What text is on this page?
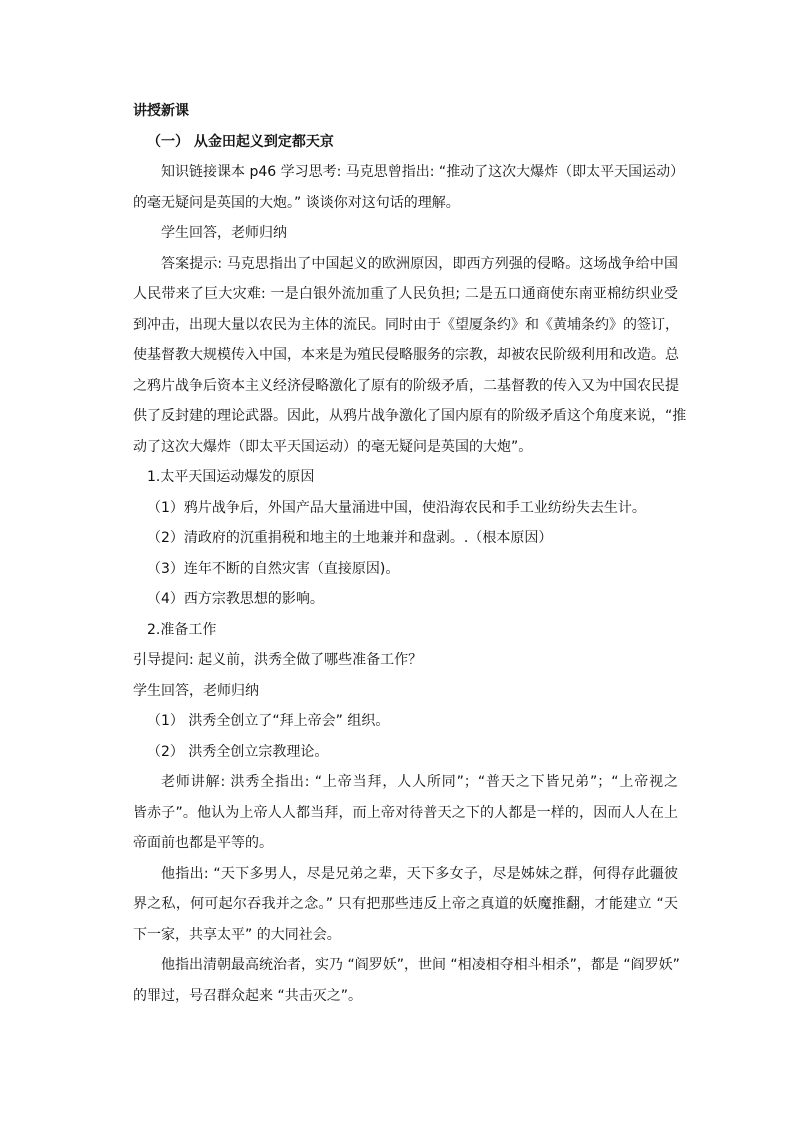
讲授新课
（一） 从金田起义到定都天京
知识链接课本 p46 学习思考: 马克思曾指出: “推动了这次大爆炸（即太平天国运动）
的毫无疑问是英国的大炮。” 谈谈你对这句话的理解。
学生回答，老师归纳
答案提示: 马克思指出了中国起义的欧洲原因，即西方列强的侵略。这场战争给中国
人民带来了巨大灾难: 一是白银外流加重了人民负担; 二是五口通商使东南亚棉纺织业受
到冲击，出现大量以农民为主体的流民。同时由于《望厦条约》和《黄埔条约》的签订，
使基督教大规模传入中国，本来是为殖民侵略服务的宗教，却被农民阶级利用和改造。总
之鸦片战争后资本主义经济侵略激化了原有的阶级矛盾，二基督教的传入又为中国农民提
供了反封建的理论武器。因此，从鸦片战争激化了国内原有的阶级矛盾这个角度来说，“推
动了这次大爆炸（即太平天国运动）的毫无疑问是英国的大炮”。
1.太平天国运动爆发的原因
（1）鸦片战争后，外国产品大量涌进中国，使沿海农民和手工业纺纷失去生计。
（2）清政府的沉重捐税和地主的土地兼并和盘剥。.（根本原因）
（3）连年不断的自然灾害（直接原因)。
（4）西方宗教思想的影响。
2.准备工作
引导提问: 起义前，洪秀全做了哪些准备工作？
学生回答，老师归纳
（1） 洪秀全创立了“拜上帝会” 组织。
（2） 洪秀全创立宗教理论。
老师讲解: 洪秀全指出: “上帝当拜，人人所同”；“普天之下皆兄弟”；“上帝视之
皆赤子”。他认为上帝人人都当拜，而上帝对待普天之下的人都是一样的，因而人人在上
帝面前也都是平等的。
他指出: “天下多男人，尽是兄弟之辈，天下多女子，尽是姊妹之群，何得存此疆彼
界之私，何可起尔吞我并之念。” 只有把那些违反上帝之真道的妖魔推翻，才能建立 “天
下一家，共享太平” 的大同社会。
他指出清朝最高统治者，实乃 “阎罗妖”，世间 “相凌相夺相斗相杀”，都是 “阎罗妖”
的罪过，号召群众起来 “共击灭之”。
